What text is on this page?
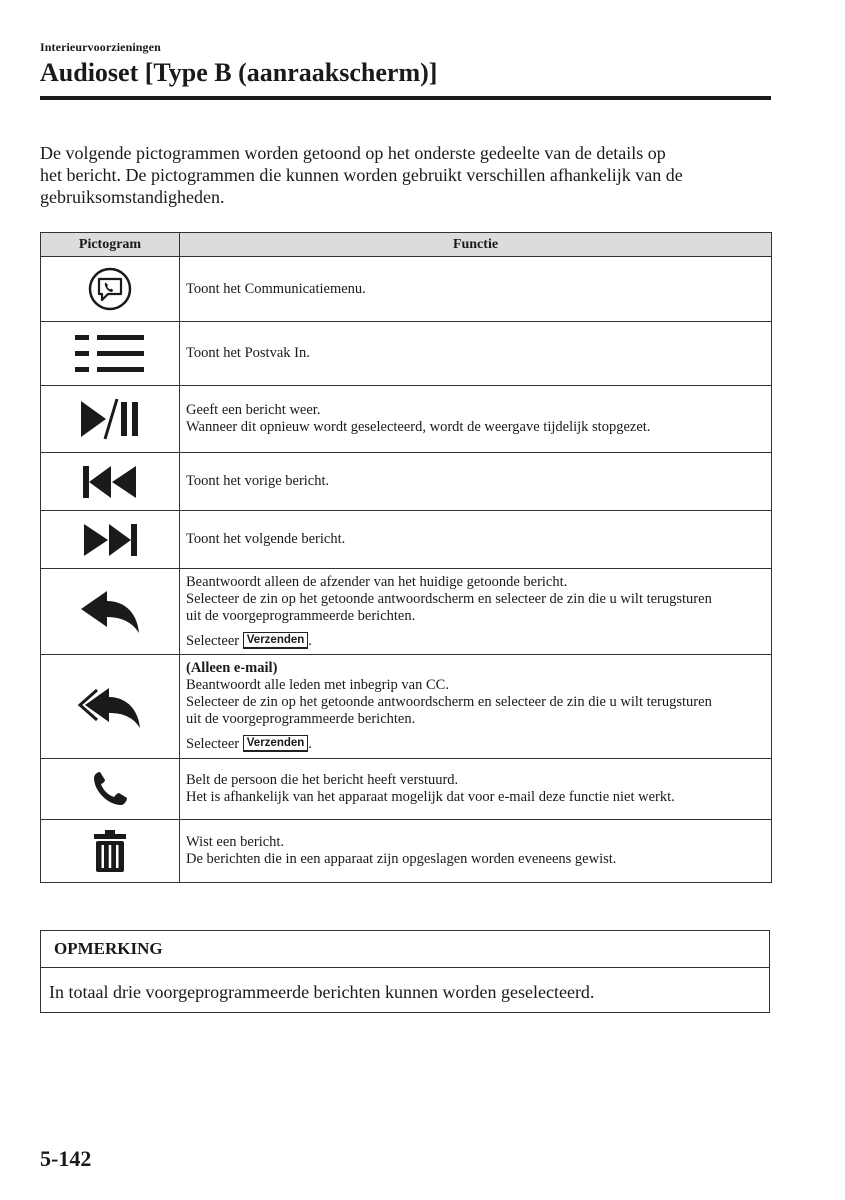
Interieurvoorzieningen
Audioset [Type B (aanraakscherm)]

De volgende pictogrammen worden getoond op het onderste gedeelte van de details op
het bericht. De pictogrammen die kunnen worden gebruikt verschillen afhankelijk van de
gebruiksomstandigheden.

Pictogram	Functie

Toont het Communicatiemenu.

Toont het Postvak In.

Geeft een bericht weer.
Wanneer dit opnieuw wordt geselecteerd, wordt de weergave tijdelijk stopgezet.

Toont het vorige bericht.

Toont het volgende bericht.

Beantwoordt alleen de afzender van het huidige getoonde bericht.
Selecteer de zin op het getoonde antwoordscherm en selecteer de zin die u wilt terugsturen
uit de voorgeprogrammeerde berichten.
Selecteer Verzenden .

(Alleen e-mail)
Beantwoordt alle leden met inbegrip van CC.
Selecteer de zin op het getoonde antwoordscherm en selecteer de zin die u wilt terugsturen
uit de voorgeprogrammeerde berichten.
Selecteer Verzenden .

Belt de persoon die het bericht heeft verstuurd.
Het is afhankelijk van het apparaat mogelijk dat voor e-mail deze functie niet werkt.

Wist een bericht.
De berichten die in een apparaat zijn opgeslagen worden eveneens gewist.
OPMERKING
In totaal drie voorgeprogrammeerde berichten kunnen worden geselecteerd.
5-142
